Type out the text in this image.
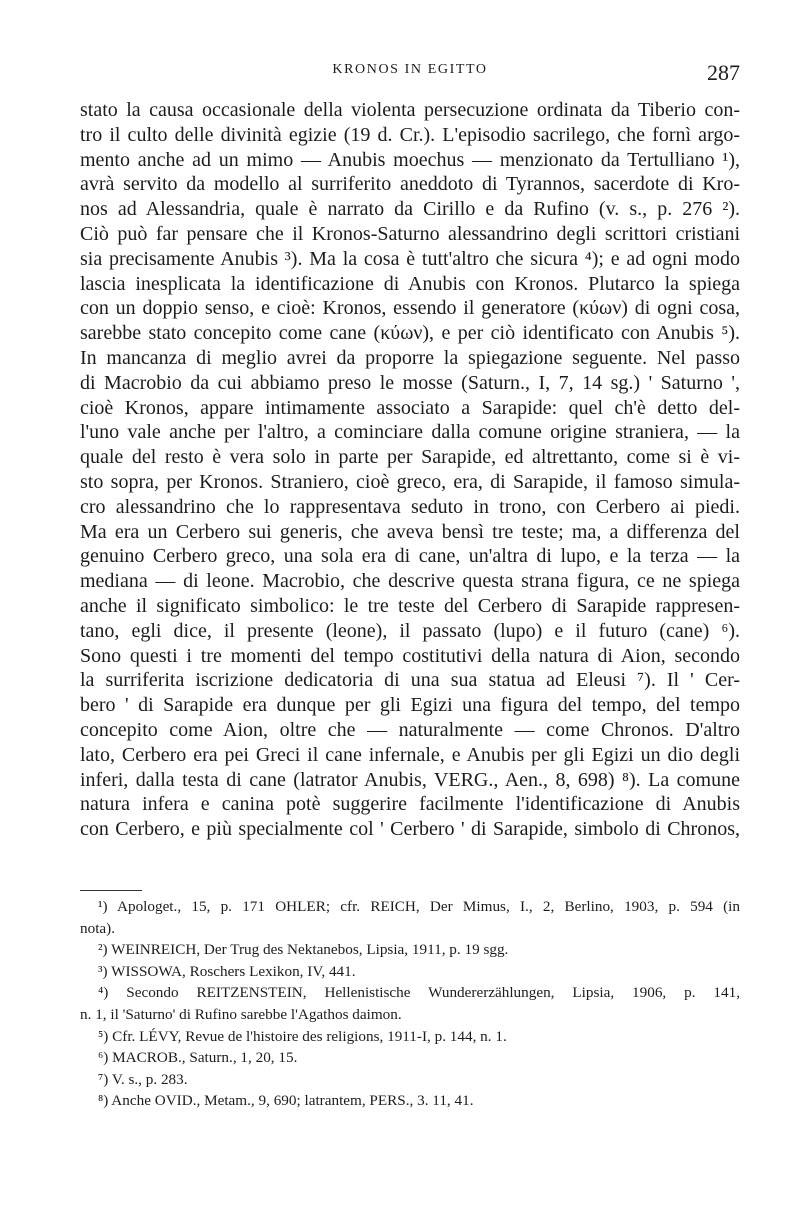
KRONOS IN EGITTO	287
stato la causa occasionale della violenta persecuzione ordinata da Tiberio con-
tro il culto delle divinità egizie (19 d. Cr.). L'episodio sacrilego, che fornì argo-
mento anche ad un mimo — Anubis moechus — menzionato da Tertulliano ¹),
avrà servito da modello al surriferito aneddoto di Tyrannos, sacerdote di Kro-
nos ad Alessandria, quale è narrato da Cirillo e da Rufino (v. s., p. 276 ²).
Ciò può far pensare che il Kronos-Saturno alessandrino degli scrittori cristiani
sia precisamente Anubis ³). Ma la cosa è tutt'altro che sicura ⁴); e ad ogni modo
lascia inesplicata la identificazione di Anubis con Kronos. Plutarco la spiega
con un doppio senso, e cioè: Kronos, essendo il generatore (κύων) di ogni cosa,
sarebbe stato concepito come cane (κύων), e per ciò identificato con Anubis ⁵).
In mancanza di meglio avrei da proporre la spiegazione seguente. Nel passo
di Macrobio da cui abbiamo preso le mosse (Saturn., I, 7, 14 sg.) ' Saturno ',
cioè Kronos, appare intimamente associato a Sarapide: quel ch'è detto del-
l'uno vale anche per l'altro, a cominciare dalla comune origine straniera, — la
quale del resto è vera solo in parte per Sarapide, ed altrettanto, come si è vi-
sto sopra, per Kronos. Straniero, cioè greco, era, di Sarapide, il famoso simula-
cro alessandrino che lo rappresentava seduto in trono, con Cerbero ai piedi.
Ma era un Cerbero sui generis, che aveva bensì tre teste; ma, a differenza del
genuino Cerbero greco, una sola era di cane, un'altra di lupo, e la terza — la
mediana — di leone. Macrobio, che descrive questa strana figura, ce ne spiega
anche il significato simbolico: le tre teste del Cerbero di Sarapide rappresen-
tano, egli dice, il presente (leone), il passato (lupo) e il futuro (cane) ⁶).
Sono questi i tre momenti del tempo costitutivi della natura di Aion, secondo
la surriferita iscrizione dedicatoria di una sua statua ad Eleusi ⁷). Il ' Cer-
bero ' di Sarapide era dunque per gli Egizi una figura del tempo, del tempo
concepito come Aion, oltre che — naturalmente — come Chronos. D'altro
lato, Cerbero era pei Greci il cane infernale, e Anubis per gli Egizi un dio degli
inferi, dalla testa di cane (latrator Anubis, VERG., Aen., 8, 698) ⁸). La comune
natura infera e canina potè suggerire facilmente l'identificazione di Anubis
con Cerbero, e più specialmente col ' Cerbero ' di Sarapide, simbolo di Chronos,
¹) Apologet., 15, p. 171 OHLER; cfr. REICH, Der Mimus, I., 2, Berlino, 1903, p. 594 (in
nota).
²) WEINREICH, Der Trug des Nektanebos, Lipsia, 1911, p. 19 sgg.
³) WISSOWA, Roschers Lexikon, IV, 441.
⁴) Secondo REITZENSTEIN, Hellenistische Wundererzählungen, Lipsia, 1906, p. 141,
n. 1, il 'Saturno' di Rufino sarebbe l'Agathos daimon.
⁵) Cfr. LÉVY, Revue de l'histoire des religions, 1911-I, p. 144, n. 1.
⁶) MACROB., Saturn., 1, 20, 15.
⁷) V. s., p. 283.
⁸) Anche OVID., Metam., 9, 690; latrantem, PERS., 3. 11, 41.
